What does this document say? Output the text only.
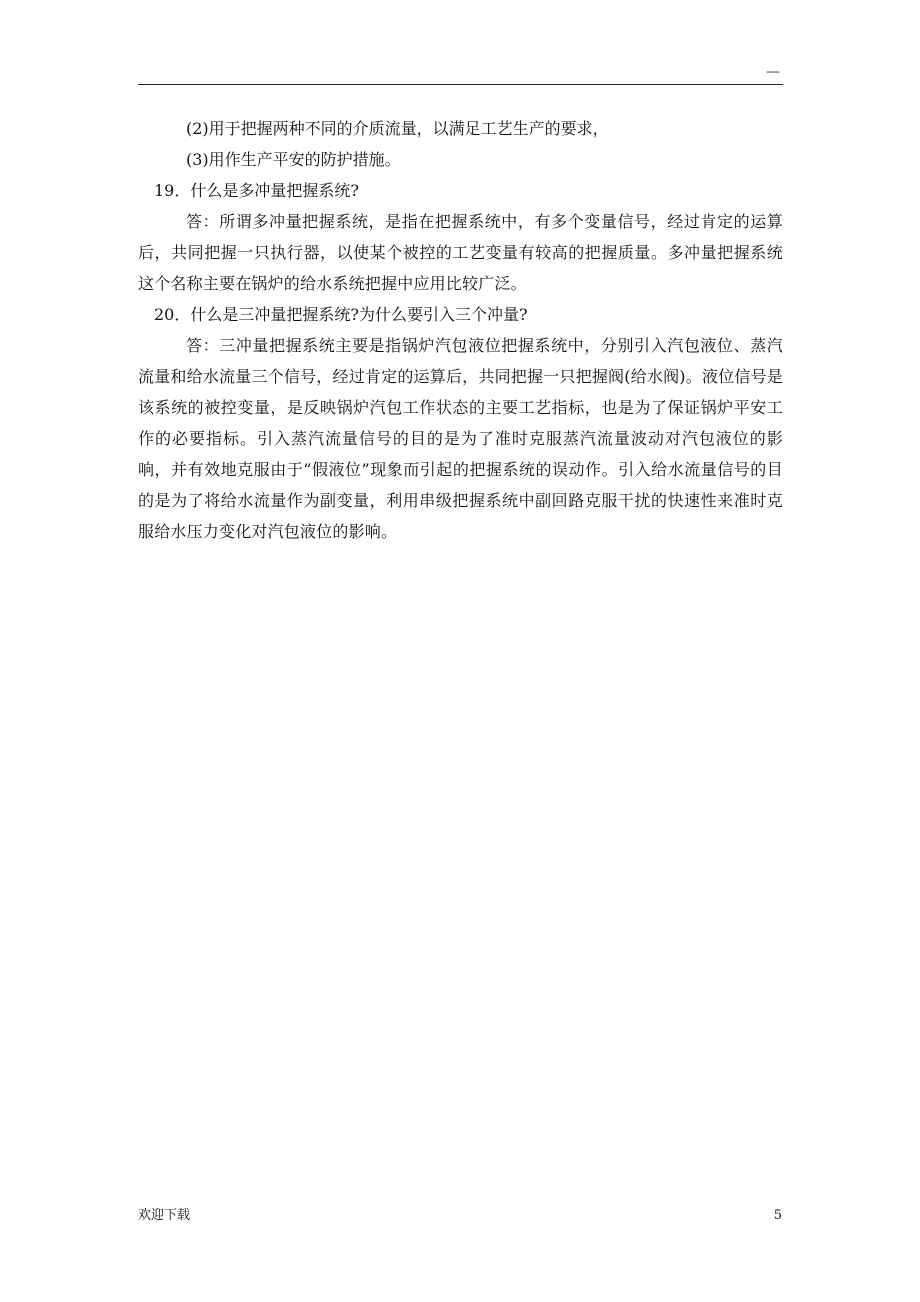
—

(2)用于把握两种不同的介质流量，以满足工艺生产的要求，

(3)用作生产平安的防护措施。

19．什么是多冲量把握系统?

答：所谓多冲量把握系统，是指在把握系统中，有多个变量信号，经过肯定的运算后，共同把握一只执行器，以使某个被控的工艺变量有较高的把握质量。多冲量把握系统这个名称主要在锅炉的给水系统把握中应用比较广泛。

20．什么是三冲量把握系统?为什么要引入三个冲量?

答：三冲量把握系统主要是指锅炉汽包液位把握系统中，分别引入汽包液位、蒸汽流量和给水流量三个信号，经过肯定的运算后，共同把握一只把握阀(给水阀)。液位信号是该系统的被控变量，是反映锅炉汽包工作状态的主要工艺指标，也是为了保证锅炉平安工作的必要指标。引入蒸汽流量信号的目的是为了准时克服蒸汽流量波动对汽包液位的影响，并有效地克服由于“假液位”现象而引起的把握系统的误动作。引入给水流量信号的目的是为了将给水流量作为副变量，利用串级把握系统中副回路克服干扰的快速性来准时克服给水压力变化对汽包液位的影响。

欢迎下载	5
